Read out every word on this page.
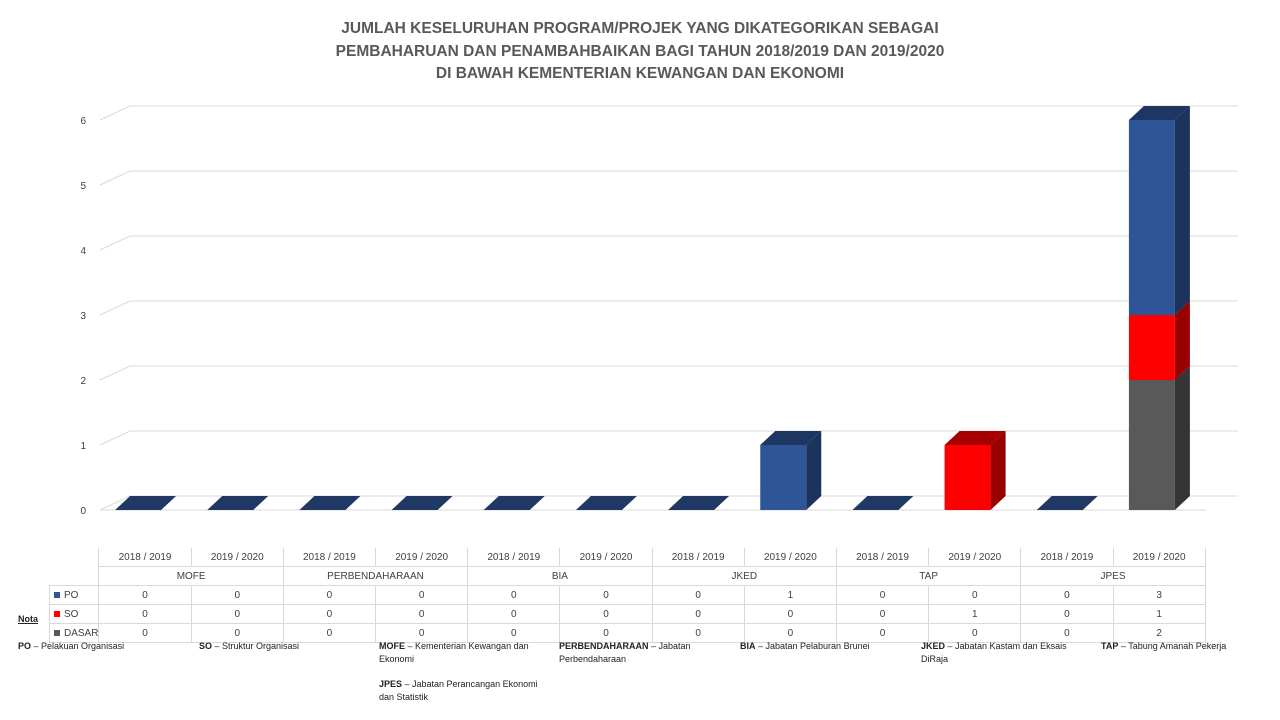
JUMLAH KESELURUHAN PROGRAM/PROJEK YANG DIKATEGORIKAN SEBAGAI
PEMBAHARUAN DAN PENAMBAHBAIKAN BAGI TAHUN 2018/2019 DAN 2019/2020
DI BAWAH KEMENTERIAN KEWANGAN DAN EKONOMI
0
1
2
3
4
5
6
	2018 / 2019	2019 / 2020	2018 / 2019	2019 / 2020	2018 / 2019	2019 / 2020	2018 / 2019	2019 / 2020	2018 / 2019	2019 / 2020	2018 / 2019	2019 / 2020
	MOFE		PERBENDAHARAAN		BIA		JKED		TAP		JPES	
PO	0	0	0	0	0	0	0	1	0	0	0	3
SO	0	0	0	0	0	0	0	0	0	1	0	1
DASAR	0	0	0	0	0	0	0	0	0	0	0	2
Nota
PO – Pelakuan Organisasi	SO – Struktur Organisasi	MOFE – Kementerian Kewangan dan Ekonomi
PERBENDAHARAAN – Jabatan Perbendaharaan
BIA – Jabatan Pelaburan Brunei	JKED – Jabatan Kastam dan Eksais DiRaja
TAP – Tabung Amanah Pekerja
JPES – Jabatan Perancangan Ekonomi dan Statistik
